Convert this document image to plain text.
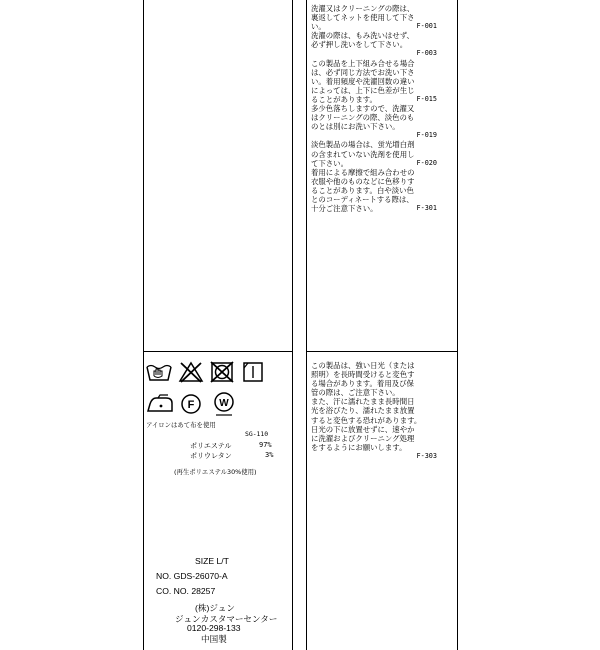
洗濯又はクリーニングの際は、
裏返してネットを使用して下さ
い。	F-001
洗濯の際は、もみ洗いはせず、
必ず押し洗いをして下さい。
F-003
この製品を上下組み合せる場合
は、必ず同じ方法でお洗い下さ
い。着用頻度や洗濯回数の違い
によっては、上下に色差が生じ
ることがあります。	F-015
多少色落ちしますので、洗濯又
はクリーニングの際、淡色のも
のとは別にお洗い下さい。
F-019
淡色製品の場合は、蛍光増白剤
の含まれていない洗剤を使用し
て下さい。	F-020
着用による摩擦で組み合わせの
衣服や他のものなどに色移りす
ることがあります。白や淡い色
とのコーディネートする際は、
十分ご注意下さい。	F-301
この製品は、強い日光（または
照明）を長時間受けると変色す
る場合があります。着用及び保
管の際は、ご注意下さい。
また、汗に濡れたまま長時間日
光を浴びたり、濡れたまま放置
すると変色する恐れがあります。
日光の下に放置せずに、速やか
に洗濯およびクリーニング処理
をするようにお願いします。
F-303
F W
アイロンはあて布を使用
SG-110
ポリエステル	97%
ポリウレタン	3%
(再生ポリエステル30%使用)
SIZE L/T
NO. GDS-26070-A
CO. NO. 28257
(株)ジュン
ジュンカスタマーセンター
0120-298-133
中国製
